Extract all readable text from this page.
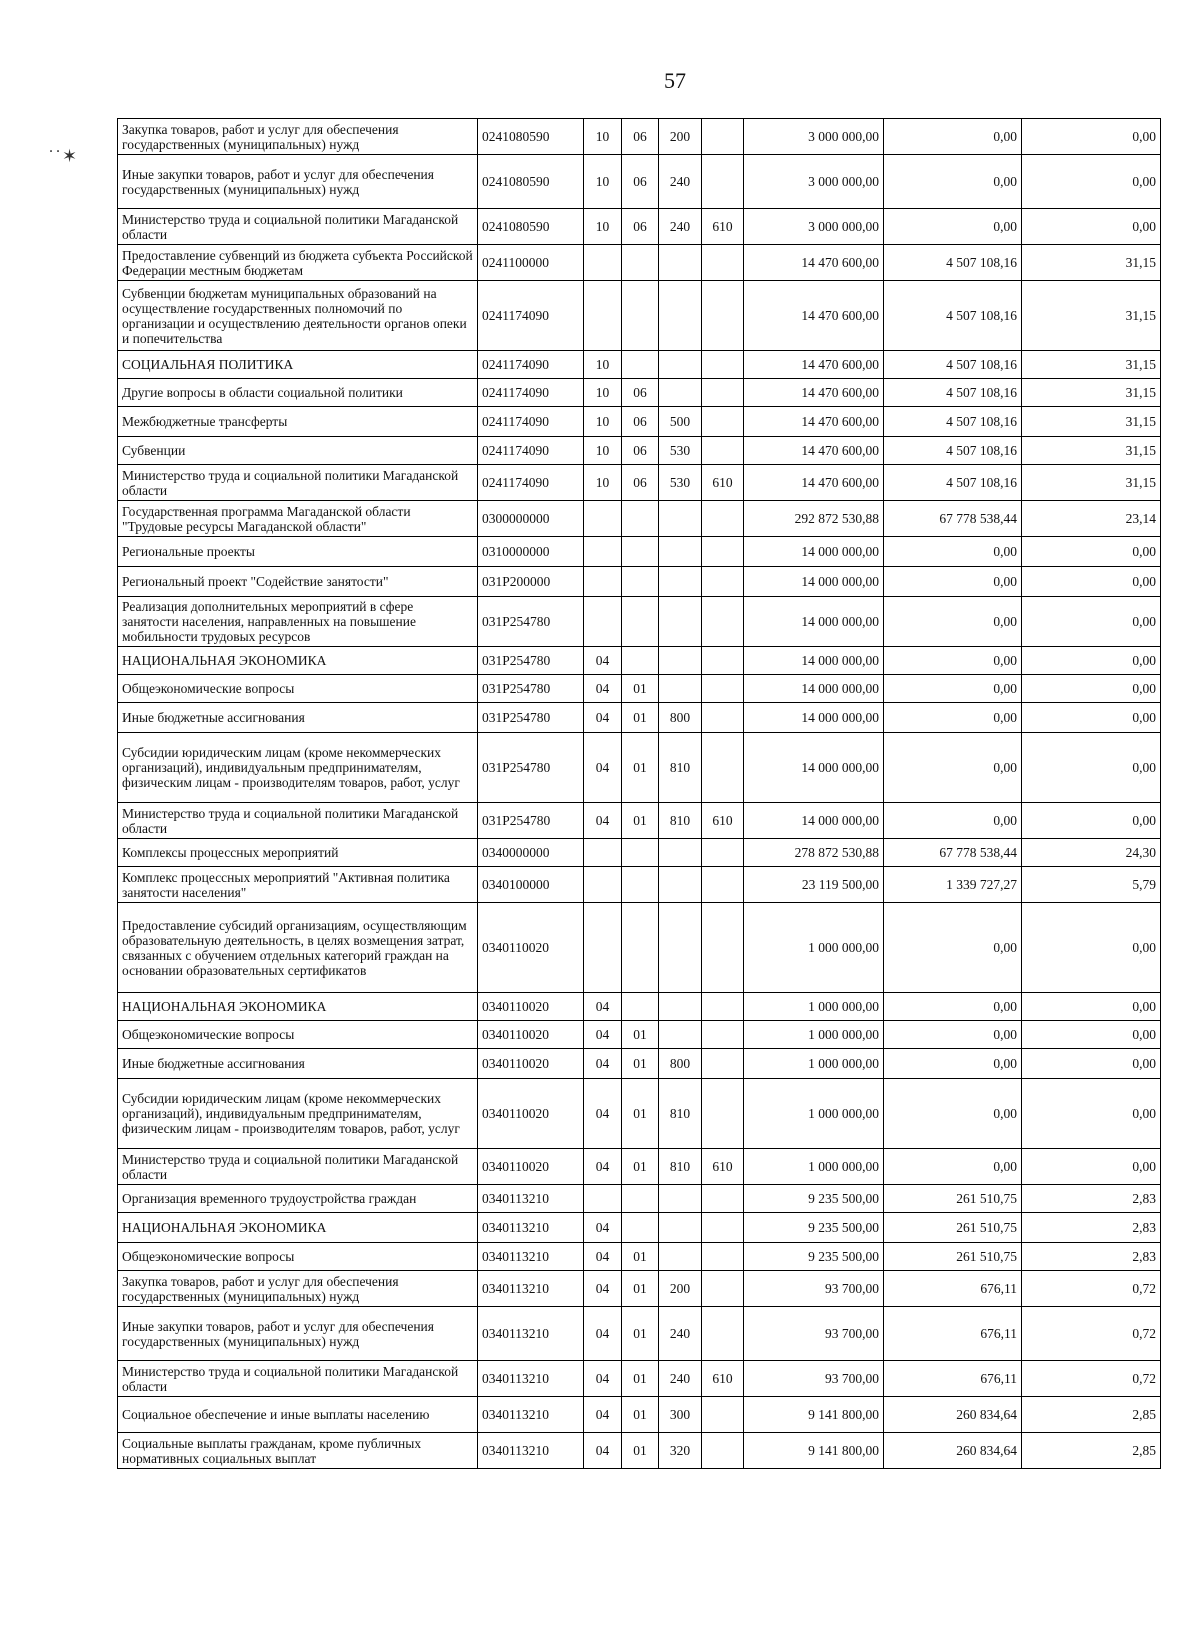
57
˙˙✶
Закупка товаров, работ и услуг для обеспечения государственных (муниципальных) нужд	0241080590	10	06	200		3 000 000,00	0,00	0,00
Иные закупки товаров, работ и услуг для обеспечения государственных (муниципальных) нужд	0241080590	10	06	240		3 000 000,00	0,00	0,00
Министерство труда и социальной политики Магаданской области	0241080590	10	06	240	610	3 000 000,00	0,00	0,00
Предоставление субвенций из бюджета субъекта Российской Федерации местным бюджетам	0241100000					14 470 600,00	4 507 108,16	31,15
Субвенции бюджетам муниципальных образований на осуществление государственных полномочий по организации и осуществлению деятельности органов опеки и попечительства	0241174090					14 470 600,00	4 507 108,16	31,15
СОЦИАЛЬНАЯ ПОЛИТИКА	0241174090	10				14 470 600,00	4 507 108,16	31,15
Другие вопросы в области социальной политики	0241174090	10	06			14 470 600,00	4 507 108,16	31,15
Межбюджетные трансферты	0241174090	10	06	500		14 470 600,00	4 507 108,16	31,15
Субвенции	0241174090	10	06	530		14 470 600,00	4 507 108,16	31,15
Министерство труда и социальной политики Магаданской области	0241174090	10	06	530	610	14 470 600,00	4 507 108,16	31,15
Государственная программа Магаданской области "Трудовые ресурсы Магаданской области"	0300000000					292 872 530,88	67 778 538,44	23,14
Региональные проекты	0310000000					14 000 000,00	0,00	0,00
Региональный проект "Содействие занятости"	031P200000					14 000 000,00	0,00	0,00
Реализация дополнительных мероприятий в сфере занятости населения, направленных на повышение мобильности трудовых ресурсов	031P254780					14 000 000,00	0,00	0,00
НАЦИОНАЛЬНАЯ ЭКОНОМИКА	031P254780	04				14 000 000,00	0,00	0,00
Общеэкономические вопросы	031P254780	04	01			14 000 000,00	0,00	0,00
Иные бюджетные ассигнования	031P254780	04	01	800		14 000 000,00	0,00	0,00
Субсидии юридическим лицам (кроме некоммерческих организаций), индивидуальным предпринимателям, физическим лицам - производителям товаров, работ, услуг	031P254780	04	01	810		14 000 000,00	0,00	0,00
Министерство труда и социальной политики Магаданской области	031P254780	04	01	810	610	14 000 000,00	0,00	0,00
Комплексы процессных мероприятий	0340000000					278 872 530,88	67 778 538,44	24,30
Комплекс процессных мероприятий "Активная политика занятости населения"	0340100000					23 119 500,00	1 339 727,27	5,79
Предоставление субсидий организациям, осуществляющим образовательную деятельность, в целях возмещения затрат, связанных с обучением отдельных категорий граждан на основании образовательных сертификатов	0340110020					1 000 000,00	0,00	0,00
НАЦИОНАЛЬНАЯ ЭКОНОМИКА	0340110020	04				1 000 000,00	0,00	0,00
Общеэкономические вопросы	0340110020	04	01			1 000 000,00	0,00	0,00
Иные бюджетные ассигнования	0340110020	04	01	800		1 000 000,00	0,00	0,00
Субсидии юридическим лицам (кроме некоммерческих организаций), индивидуальным предпринимателям, физическим лицам - производителям товаров, работ, услуг	0340110020	04	01	810		1 000 000,00	0,00	0,00
Министерство труда и социальной политики Магаданской области	0340110020	04	01	810	610	1 000 000,00	0,00	0,00
Организация временного трудоустройства граждан	0340113210					9 235 500,00	261 510,75	2,83
НАЦИОНАЛЬНАЯ ЭКОНОМИКА	0340113210	04				9 235 500,00	261 510,75	2,83
Общеэкономические вопросы	0340113210	04	01			9 235 500,00	261 510,75	2,83
Закупка товаров, работ и услуг для обеспечения государственных (муниципальных) нужд	0340113210	04	01	200		93 700,00	676,11	0,72
Иные закупки товаров, работ и услуг для обеспечения государственных (муниципальных) нужд	0340113210	04	01	240		93 700,00	676,11	0,72
Министерство труда и социальной политики Магаданской области	0340113210	04	01	240	610	93 700,00	676,11	0,72
Социальное обеспечение и иные выплаты населению	0340113210	04	01	300		9 141 800,00	260 834,64	2,85
Социальные выплаты гражданам, кроме публичных нормативных социальных выплат	0340113210	04	01	320		9 141 800,00	260 834,64	2,85
